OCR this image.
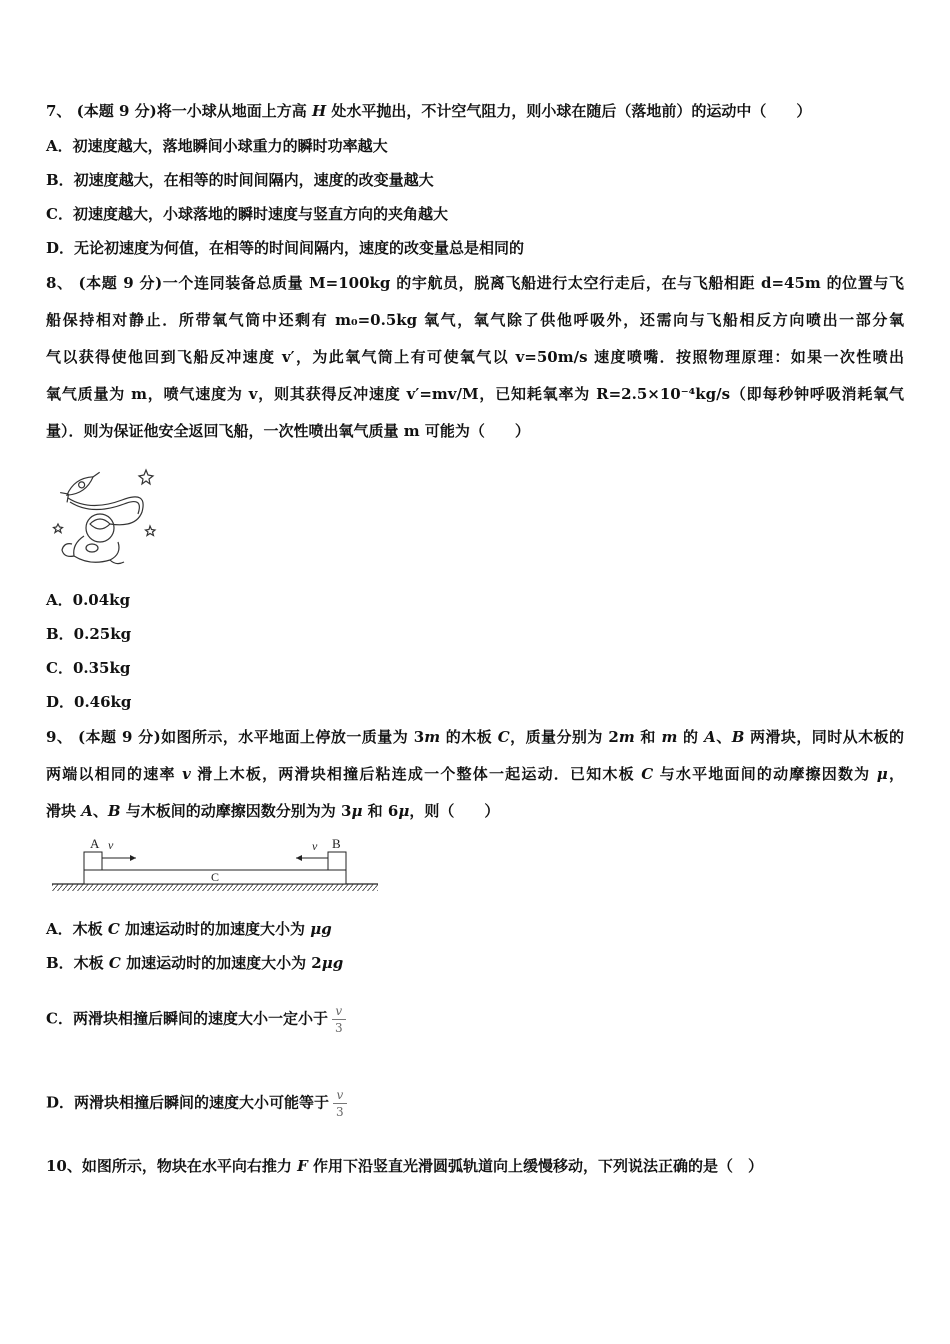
7、 (本题 9 分)将一小球从地面上方高 H 处水平抛出，不计空气阻力，则小球在随后（落地前）的运动中（　　）
A．初速度越大，落地瞬间小球重力的瞬时功率越大
B．初速度越大，在相等的时间间隔内，速度的改变量越大
C．初速度越大，小球落地的瞬时速度与竖直方向的夹角越大
D．无论初速度为何值，在相等的时间间隔内，速度的改变量总是相同的
8、 (本题 9 分)一个连同装备总质量 M=100kg 的宇航员，脱离飞船进行太空行走后，在与飞船相距 d=45m 的位置与飞
船保持相对静止．所带氧气筒中还剩有 m₀=0.5kg 氧气，氧气除了供他呼吸外，还需向与飞船相反方向喷出一部分氧
气以获得使他回到飞船反冲速度 v′，为此氧气筒上有可使氧气以 v=50m/s 速度喷嘴．按照物理原理：如果一次性喷出
氧气质量为 m，喷气速度为 v，则其获得反冲速度 v′=mv/M，已知耗氧率为 R=2.5×10⁻⁴kg/s（即每秒钟呼吸消耗氧气
量）．则为保证他安全返回飞船，一次性喷出氧气质量 m 可能为（　　）
A．0.04kg
B．0.25kg
C．0.35kg
D．0.46kg
9、 (本题 9 分)如图所示，水平地面上停放一质量为 3m 的木板 C，质量分别为 2m 和 m 的 A、B 两滑块，同时从木板的
两端以相同的速率 v 滑上木板，两滑块相撞后粘连成一个整体一起运动．已知木板 C 与水平地面间的动摩擦因数为 μ，
滑块 A、B 与木板间的动摩擦因数分别为为 3μ 和 6μ，则（　　）
C
A v	B
v
A．木板 C 加速运动时的加速度大小为 μg
B．木板 C 加速运动时的加速度大小为 2μg
C．两滑块相撞后瞬间的速度大小一定小于 $\frac{v}{3}$
D．两滑块相撞后瞬间的速度大小可能等于 $\frac{v}{3}$
10、如图所示，物块在水平向右推力 F 作用下沿竖直光滑圆弧轨道向上缓慢移动，下列说法正确的是（　）
